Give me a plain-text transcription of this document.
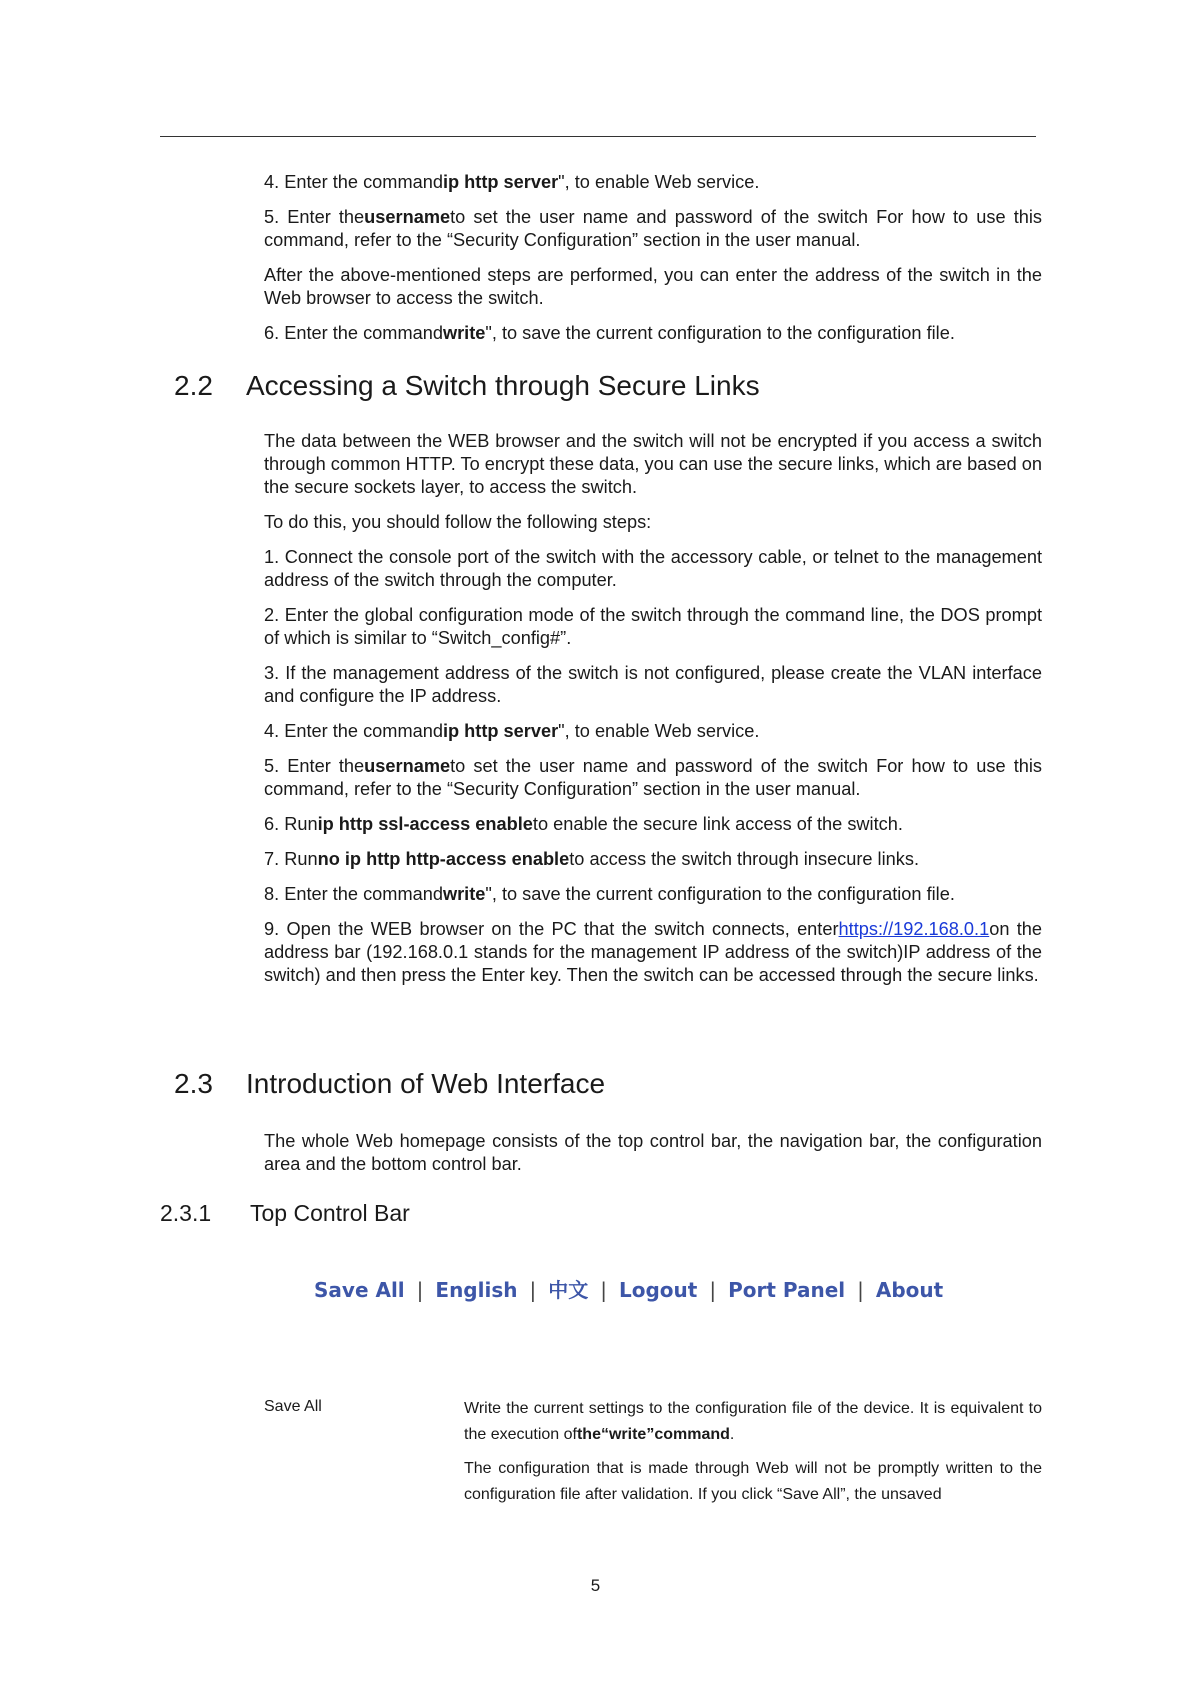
4. Enter the commandip http server", to enable Web service.

5. Enter theusernameto set the user name and password of the switch For how to use this command, refer to the “Security Configuration” section in the user manual.

After the above-mentioned steps are performed, you can enter the address of the switch in the Web browser to access the switch.

6. Enter the commandwrite", to save the current configuration to the configuration file.

2.2 Accessing a Switch through Secure Links

The data between the WEB browser and the switch will not be encrypted if you access a switch through common HTTP. To encrypt these data, you can use the secure links, which are based on the secure sockets layer, to access the switch.

To do this, you should follow the following steps:

1. Connect the console port of the switch with the accessory cable, or telnet to the management address of the switch through the computer.

2. Enter the global configuration mode of the switch through the command line, the DOS prompt of which is similar to “Switch_config#”.

3. If the management address of the switch is not configured, please create the VLAN interface and configure the IP address.

4. Enter the commandip http server", to enable Web service.

5. Enter theusernameto set the user name and password of the switch For how to use this command, refer to the “Security Configuration” section in the user manual.

6. Runip http ssl-access enableto enable the secure link access of the switch.

7. Runno ip http http-access enableto access the switch through insecure links.

8. Enter the commandwrite", to save the current configuration to the configuration file.

9. Open the WEB browser on the PC that the switch connects, enterhttps://192.168.0.1on the address bar (192.168.0.1 stands for the management IP address of the switch)IP address of the switch) and then press the Enter key. Then the switch can be accessed through the secure links.

2.3 Introduction of Web Interface

The whole Web homepage consists of the top control bar, the navigation bar, the configuration area and the bottom control bar.

2.3.1 Top Control Bar
Save All | English | 中文 | Logout | Port Panel | About
Save All	Write the current settings to the configuration file of the device. It is equivalent to the execution ofthe“write”command.

The configuration that is made through Web will not be promptly written to the configuration file after validation. If you click “Save All”, the unsaved

5
